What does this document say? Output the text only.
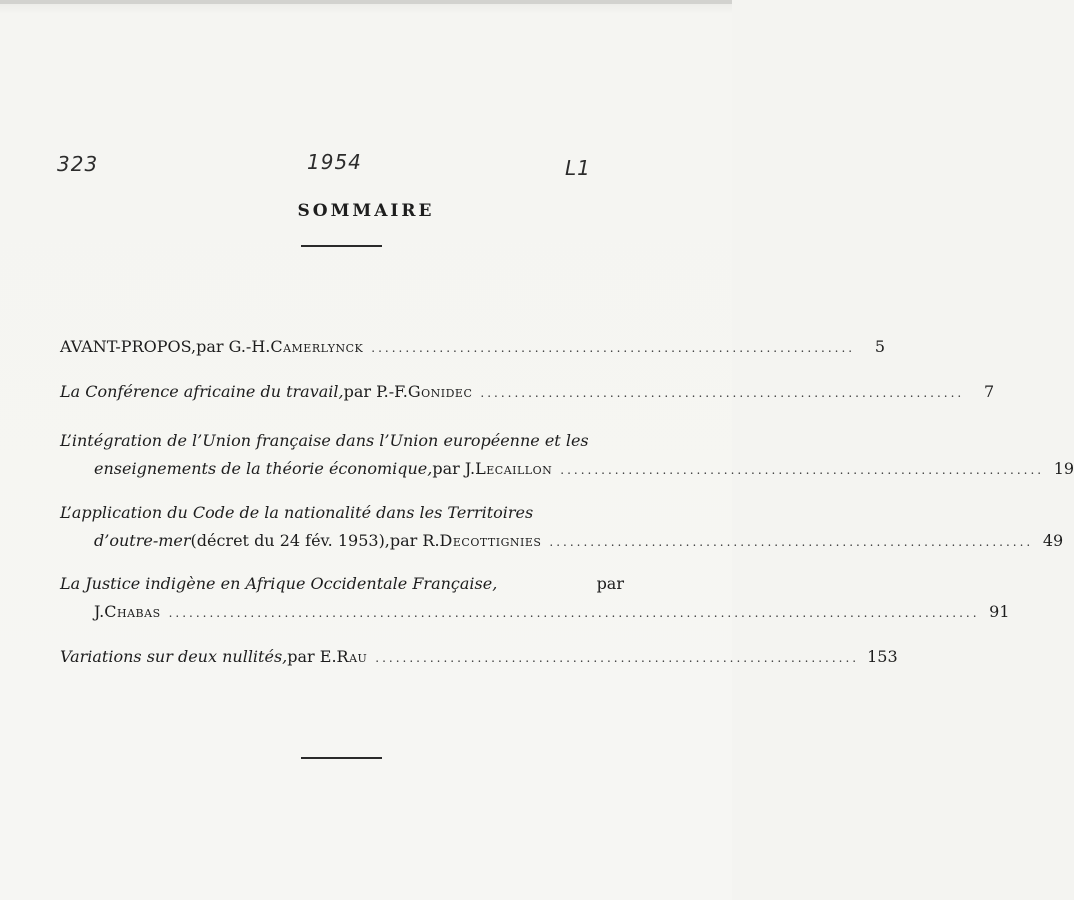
323	1954	L1
SOMMAIRE
AVANT-PROPOS, par G.-H. Camerlynck .......................................................................	5
La Conférence africaine du travail, par P.-F. Gonidec .......................................................................	7
L’intégration de l’Union française dans l’Union européenne et les
enseignements de la théorie économique, par J. Lecaillon ....................................................................... 19
L’application du Code de la nationalité dans les Territoires
d’outre-mer (décret du 24 fév. 1953), par R. Decottignies ....................................................................... 49
La Justice indigène en Afrique Occidentale Française,	par
J. Chabas ....................................................................................................................... 91
Variations sur deux nullités, par E. Rau ....................................................................... 153
